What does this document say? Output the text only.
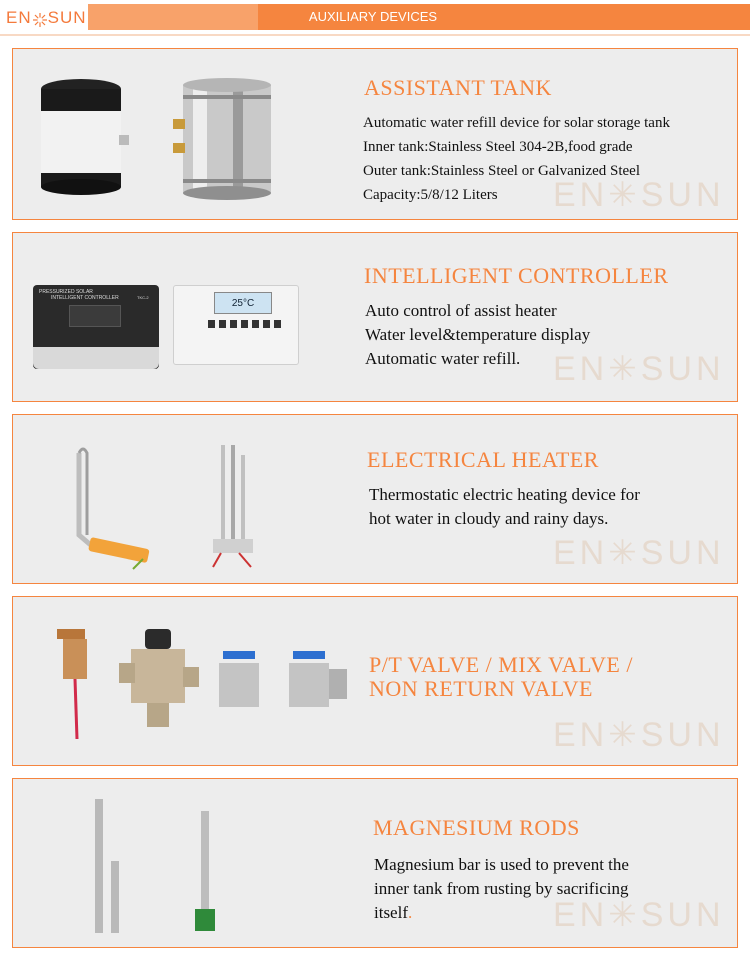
EN SUN	AUXILIARY DEVICES
ASSISTANT TANK

Automatic water refill device for solar storage tank

Inner tank:Stainless Steel 304-2B,food grade

Outer tank:Stainless Steel or Galvanized Steel

Capacity:5/8/12 Liters	EN✳SUN
PRESSURIZED SOLAR
INTELLIGENT CONTROLLER	TKC-2
25°C
INTELLIGENT CONTROLLER

Auto control of assist heater

Water level&temperature display

Automatic water refill. EN✳SUN
ELECTRICAL HEATER

Thermostatic electric heating device for

hot water in cloudy and rainy days.

EN✳SUN
P/T VALVE / MIX VALVE /
NON RETURN VALVE
EN✳SUN
MAGNESIUM RODS

Magnesium bar is used to prevent the

inner tank from rusting by sacrificing

itself.	EN✳SUN
